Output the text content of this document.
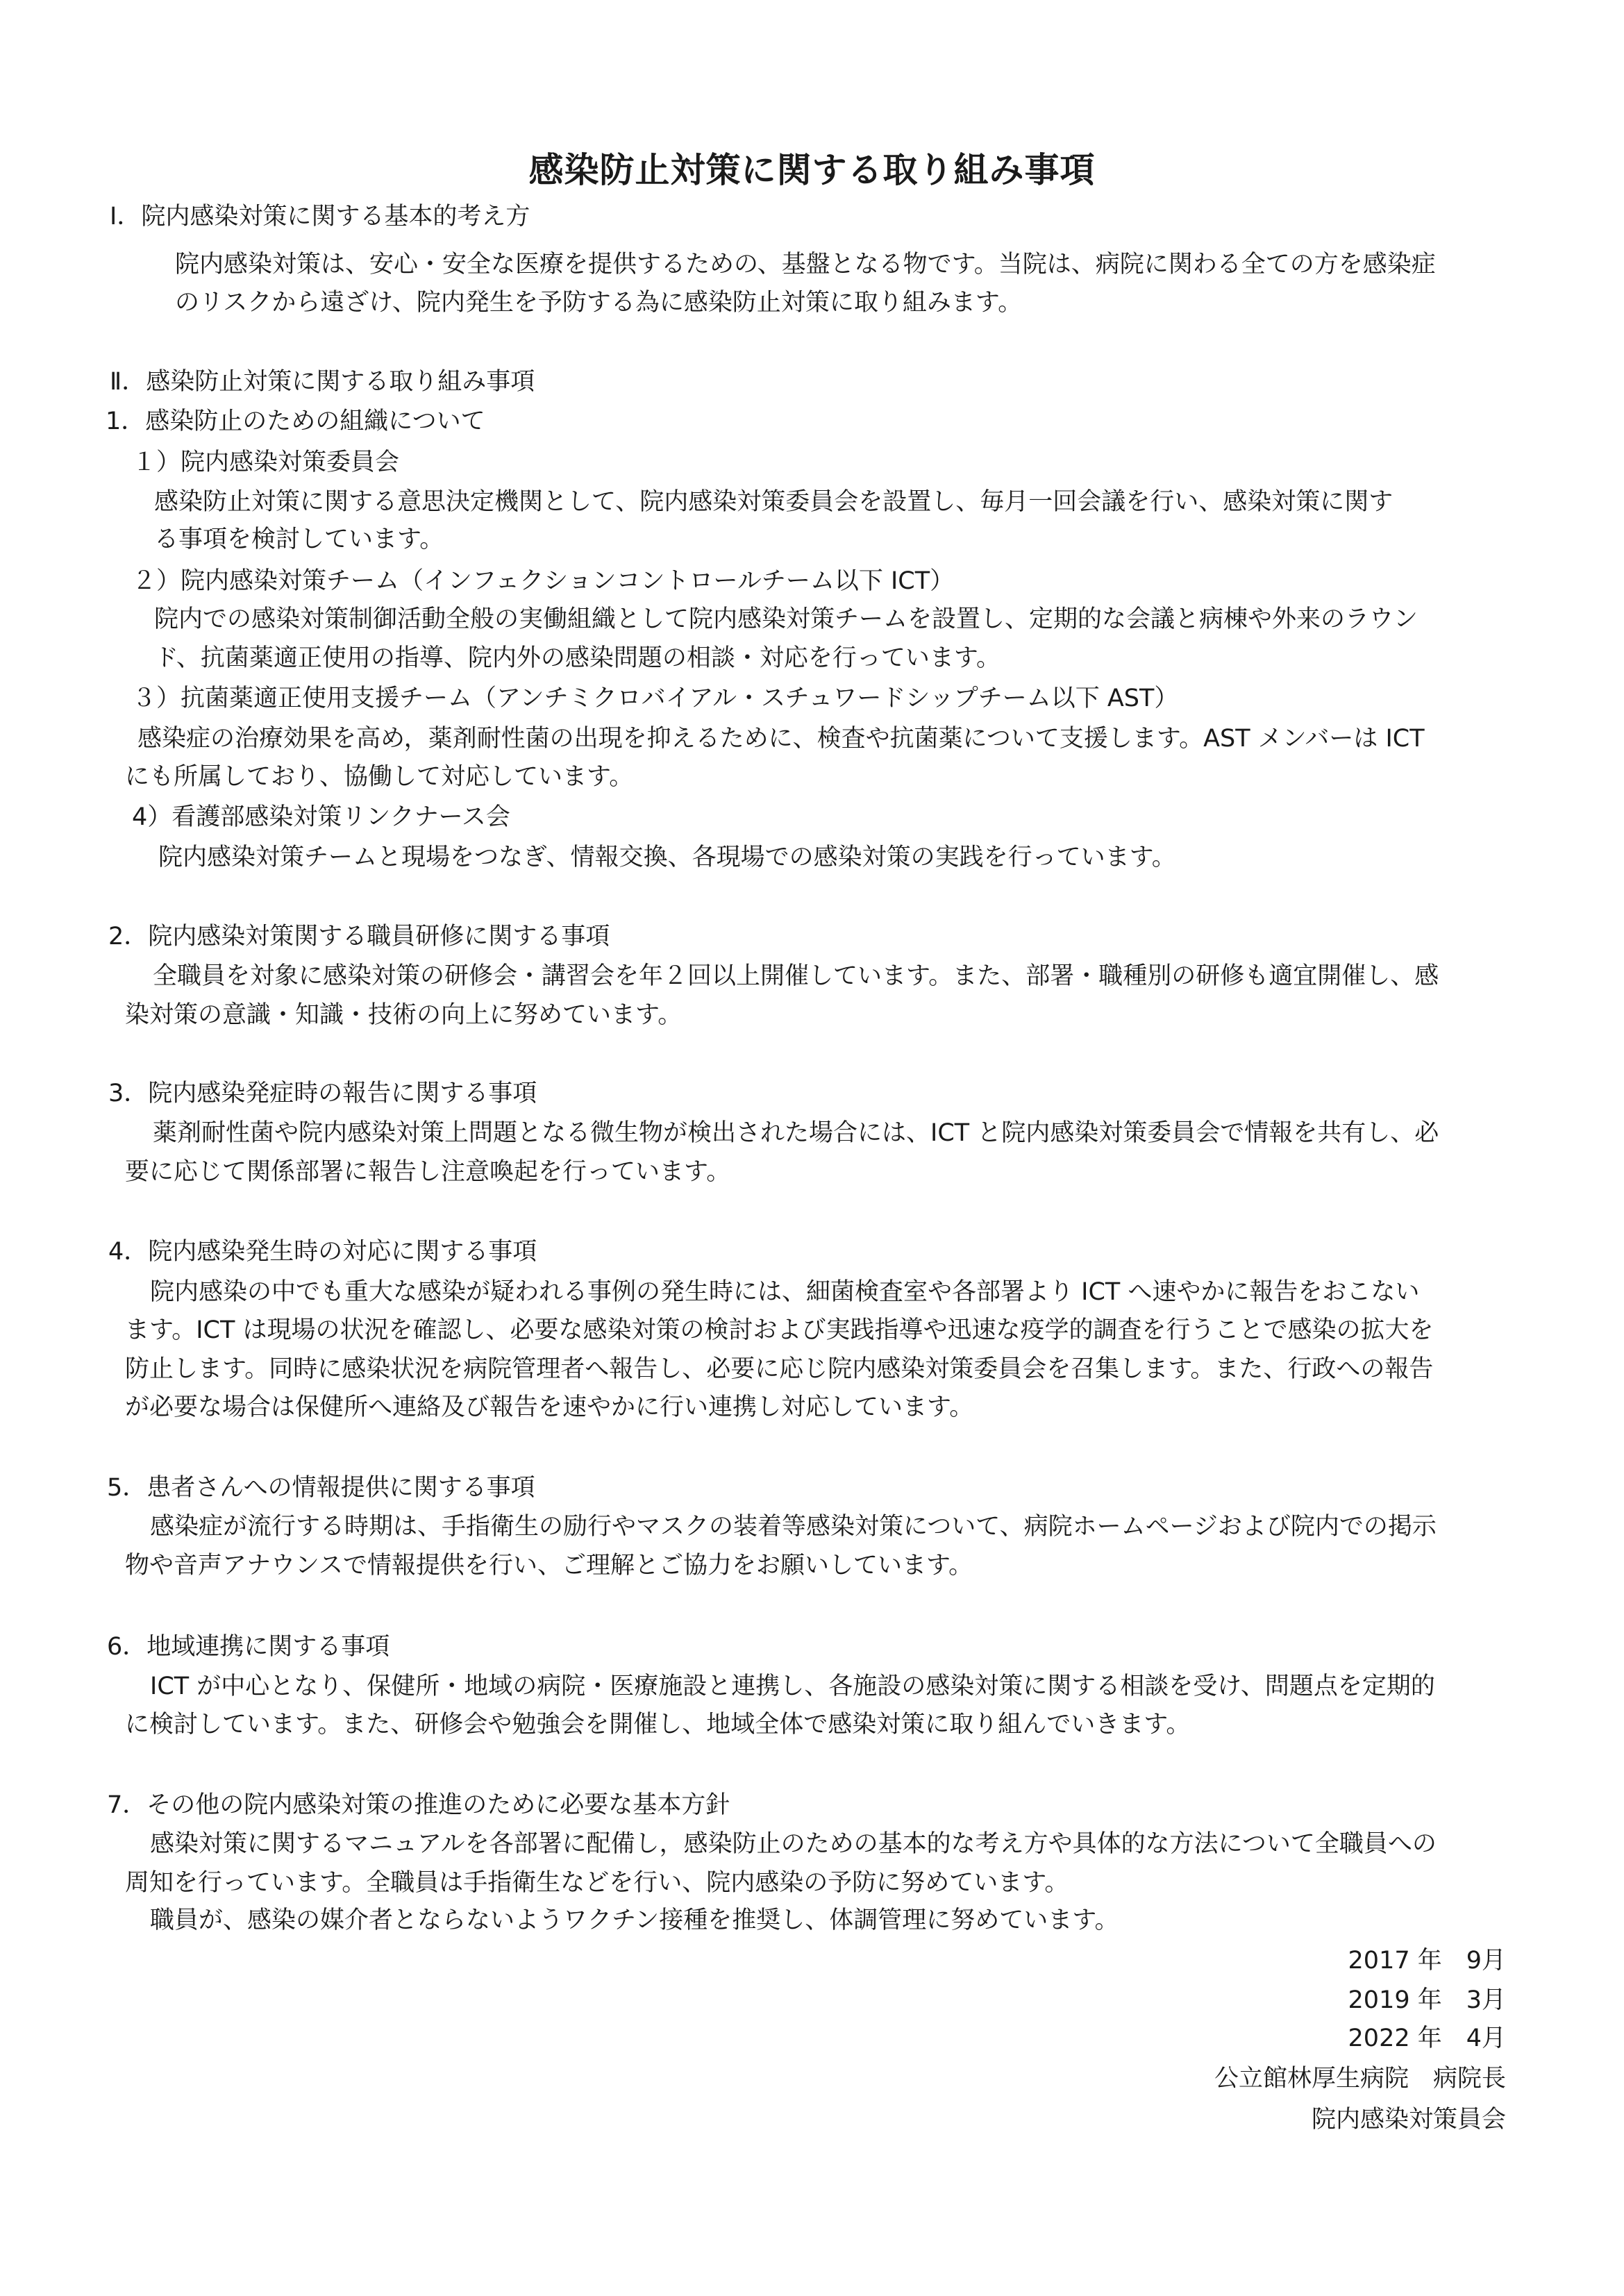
感染防止対策に関する取り組み事項
Ⅰ．院内感染対策に関する基本的考え方
院内感染対策は、安心・安全な医療を提供するための、基盤となる物です。当院は、病院に関わる全ての方を感染症
のリスクから遠ざけ、院内発生を予防する為に感染防止対策に取り組みます。
Ⅱ．感染防止対策に関する取り組み事項
1．感染防止のための組織について
１）院内感染対策委員会
感染防止対策に関する意思決定機関として、院内感染対策委員会を設置し、毎月一回会議を行い、感染対策に関す
る事項を検討しています。
２）院内感染対策チーム（インフェクションコントロールチーム以下 ICT）
院内での感染対策制御活動全般の実働組織として院内感染対策チームを設置し、定期的な会議と病棟や外来のラウン
ド、抗菌薬適正使用の指導、院内外の感染問題の相談・対応を行っています。
３）抗菌薬適正使用支援チーム（アンチミクロバイアル・スチュワードシップチーム以下 AST）
感染症の治療効果を高め，薬剤耐性菌の出現を抑えるために、検査や抗菌薬について支援します。AST メンバーは ICT
にも所属しており、協働して対応しています。
4）看護部感染対策リンクナース会
院内感染対策チームと現場をつなぎ、情報交換、各現場での感染対策の実践を行っています。
2．院内感染対策関する職員研修に関する事項
全職員を対象に感染対策の研修会・講習会を年２回以上開催しています。また、部署・職種別の研修も適宜開催し、感
染対策の意識・知識・技術の向上に努めています。
3．院内感染発症時の報告に関する事項
薬剤耐性菌や院内感染対策上問題となる微生物が検出された場合には、ICT と院内感染対策委員会で情報を共有し、必
要に応じて関係部署に報告し注意喚起を行っています。
4．院内感染発生時の対応に関する事項
院内感染の中でも重大な感染が疑われる事例の発生時には、細菌検査室や各部署より ICT へ速やかに報告をおこない
ます。ICT は現場の状況を確認し、必要な感染対策の検討および実践指導や迅速な疫学的調査を行うことで感染の拡大を
防止します。同時に感染状況を病院管理者へ報告し、必要に応じ院内感染対策委員会を召集します。また、行政への報告
が必要な場合は保健所へ連絡及び報告を速やかに行い連携し対応しています。
5．患者さんへの情報提供に関する事項
感染症が流行する時期は、手指衛生の励行やマスクの装着等感染対策について、病院ホームページおよび院内での掲示
物や音声アナウンスで情報提供を行い、ご理解とご協力をお願いしています。
6．地域連携に関する事項
ICT が中心となり、保健所・地域の病院・医療施設と連携し、各施設の感染対策に関する相談を受け、問題点を定期的
に検討しています。また、研修会や勉強会を開催し、地域全体で感染対策に取り組んでいきます。
7．その他の院内感染対策の推進のために必要な基本方針
感染対策に関するマニュアルを各部署に配備し，感染防止のための基本的な考え方や具体的な方法について全職員への
周知を行っています。全職員は手指衛生などを行い、院内感染の予防に努めています。
職員が、感染の媒介者とならないようワクチン接種を推奨し、体調管理に努めています。
2017 年　9月
2019 年　3月
2022 年　4月
公立館林厚生病院　病院長
院内感染対策員会
